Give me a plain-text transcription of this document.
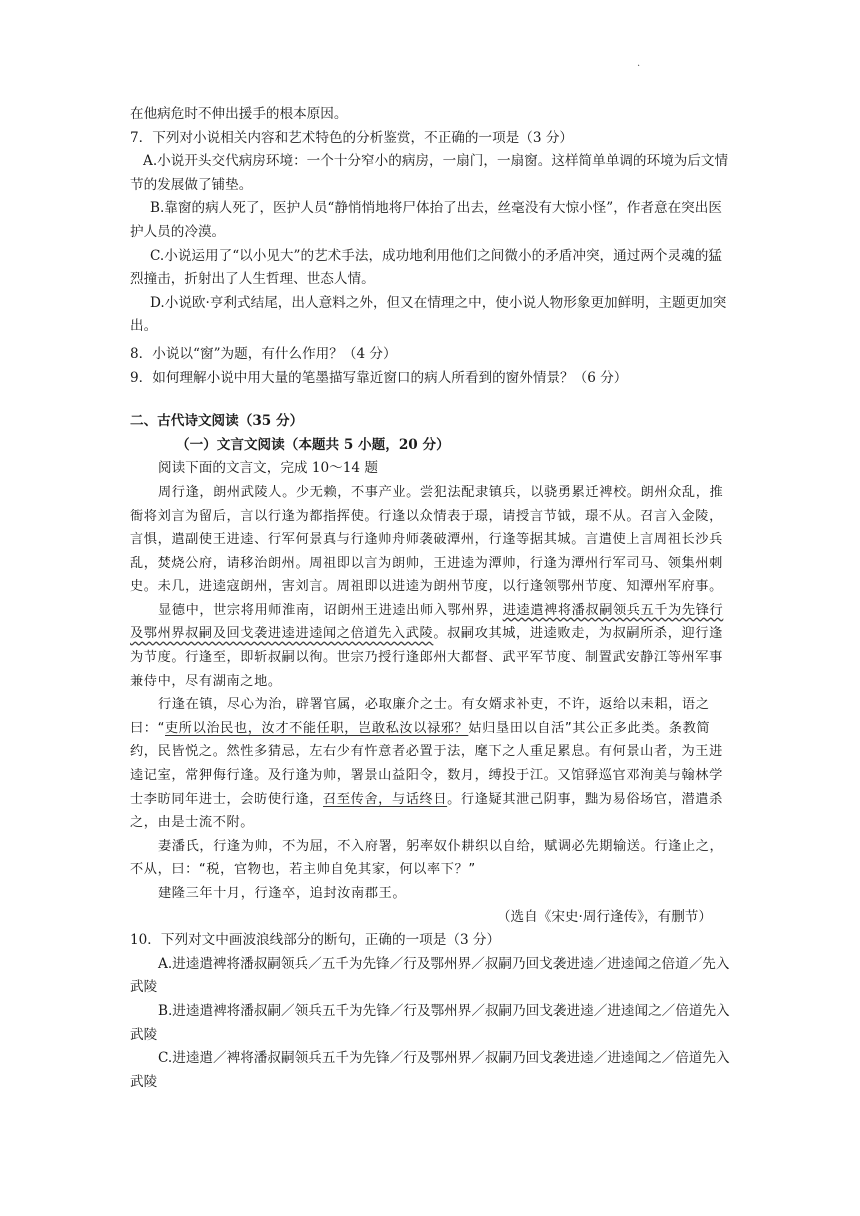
.

在他病危时不伸出援手的根本原因。

7．下列对小说相关内容和艺术特色的分析鉴赏，不正确的一项是（3 分）

A.小说开头交代病房环境：一个十分窄小的病房，一扇门，一扇窗。这样简单单调的环境为后文情节的发展做了铺垫。

B.靠窗的病人死了，医护人员“静悄悄地将尸体抬了出去，丝毫没有大惊小怪”，作者意在突出医护人员的冷漠。

C.小说运用了“以小见大”的艺术手法，成功地利用他们之间微小的矛盾冲突，通过两个灵魂的猛烈撞击，折射出了人生哲理、世态人情。

D.小说欧·亨利式结尾，出人意料之外，但又在情理之中，使小说人物形象更加鲜明，主题更加突出。

8．小说以“窗”为题，有什么作用？（4 分）

9．如何理解小说中用大量的笔墨描写靠近窗口的病人所看到的窗外情景？（6 分）

二、古代诗文阅读（35 分）

（一）文言文阅读（本题共 5 小题，20 分）

阅读下面的文言文，完成 10～14 题

周行逢，朗州武陵人。少无赖，不事产业。尝犯法配隶镇兵，以骁勇累迁裨校。朗州众乱，推衙将刘言为留后，言以行逢为都指挥使。行逢以众情表于璟，请授言节钺，璟不从。召言入金陵，言惧，遣副使王进逵、行军何景真与行逢帅舟师袭破潭州，行逢等据其城。言遣使上言周祖长沙兵乱，焚烧公府，请移治朗州。周祖即以言为朗帅，王进逵为潭帅，行逢为潭州行军司马、领集州刺史。未几，进逵寇朗州，害刘言。周祖即以进逵为朗州节度，以行逢领鄂州节度、知潭州军府事。

显德中，世宗将用师淮南，诏朗州王进逵出师入鄂州界，进逵遣裨将潘叔嗣领兵五千为先锋行及鄂州界叔嗣及回戈袭进逵进逵闻之倍道先入武陵。叔嗣攻其城，进逵败走，为叔嗣所杀，迎行逢为节度。行逢至，即斩叔嗣以徇。世宗乃授行逢郎州大都督、武平军节度、制置武安静江等州军事兼侍中，尽有湖南之地。

行逢在镇，尽心为治，辟署官属，必取廉介之士。有女婿求补吏，不许，返给以耒耜，语之曰：“吏所以治民也，汝才不能任职，岂敢私汝以禄邪？姑归垦田以自活”其公正多此类。条教简约，民皆悦之。然性多猜忌，左右少有忤意者必置于法，麾下之人重足累息。有何景山者，为王进逵记室，常狎侮行逢。及行逢为帅，署景山益阳令，数月，缚投于江。又馆驿巡官邓洵美与翰林学士李昉同年进士，会昉使行逢，召至传舍，与话终日。行逢疑其泄己阴事，黜为易俗场官，潜遣杀之，由是士流不附。

妻潘氏，行逢为帅，不为屈，不入府署，躬率奴仆耕织以自给，赋调必先期输送。行逢止之，不从，曰：“税，官物也，若主帅自免其家，何以率下？”

建隆三年十月，行逢卒，追封汝南郡王。

（选自《宋史·周行逢传》，有删节）

10．下列对文中画波浪线部分的断句，正确的一项是（3 分）

A.进逵遣裨将潘叔嗣领兵／五千为先锋／行及鄂州界／叔嗣乃回戈袭进逵／进逵闻之倍道／先入武陵

B.进逵遣裨将潘叔嗣／领兵五千为先锋／行及鄂州界／叔嗣乃回戈袭进逵／进逵闻之／倍道先入武陵

C.进逵遣／裨将潘叔嗣领兵五千为先锋／行及鄂州界／叔嗣乃回戈袭进逵／进逵闻之／倍道先入武陵
